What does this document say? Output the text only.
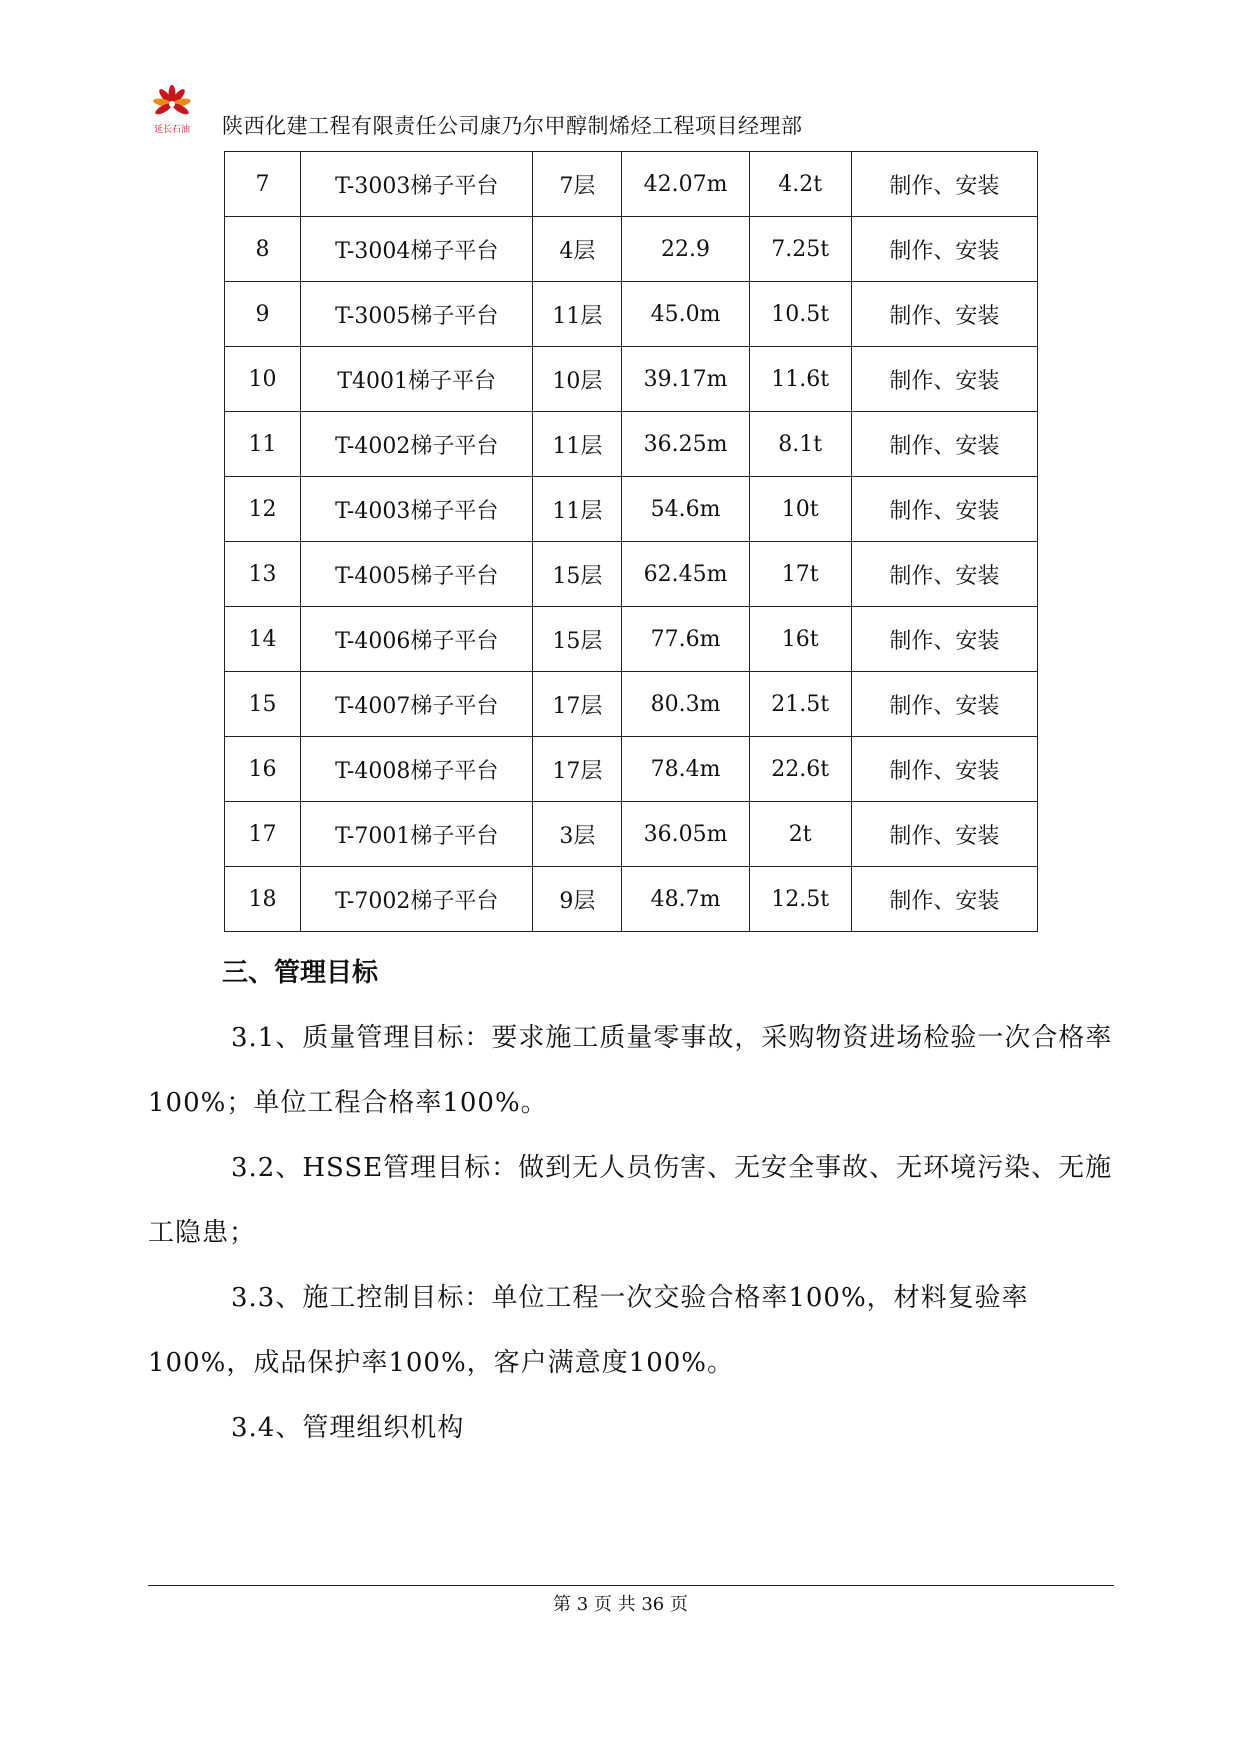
延长石油 陕西化建工程有限责任公司康乃尔甲醇制烯烃工程项目经理部
7	T-3003梯子平台	7层	42.07m	4.2t	制作、安装
8	T-3004梯子平台	4层	22.9	7.25t	制作、安装
9	T-3005梯子平台	11层	45.0m	10.5t	制作、安装
10	T4001梯子平台	10层	39.17m	11.6t	制作、安装
11	T-4002梯子平台	11层	36.25m	8.1t	制作、安装
12	T-4003梯子平台	11层	54.6m	10t	制作、安装
13	T-4005梯子平台	15层	62.45m	17t	制作、安装
14	T-4006梯子平台	15层	77.6m	16t	制作、安装
15	T-4007梯子平台	17层	80.3m	21.5t	制作、安装
16	T-4008梯子平台	17层	78.4m	22.6t	制作、安装
17	T-7001梯子平台	3层	36.05m	2t	制作、安装
18	T-7002梯子平台	9层	48.7m	12.5t	制作、安装
三、管理目标
3.1、质量管理目标：要求施工质量零事故，采购物资进场检验一次合格率100%；单位工程合格率100%。
3.2、HSSE管理目标：做到无人员伤害、无安全事故、无环境污染、无施工隐患；
3.3、施工控制目标：单位工程一次交验合格率100%，材料复验率100%，成品保护率100%，客户满意度100%。
3.4、管理组织机构
第 3 页 共 36 页
